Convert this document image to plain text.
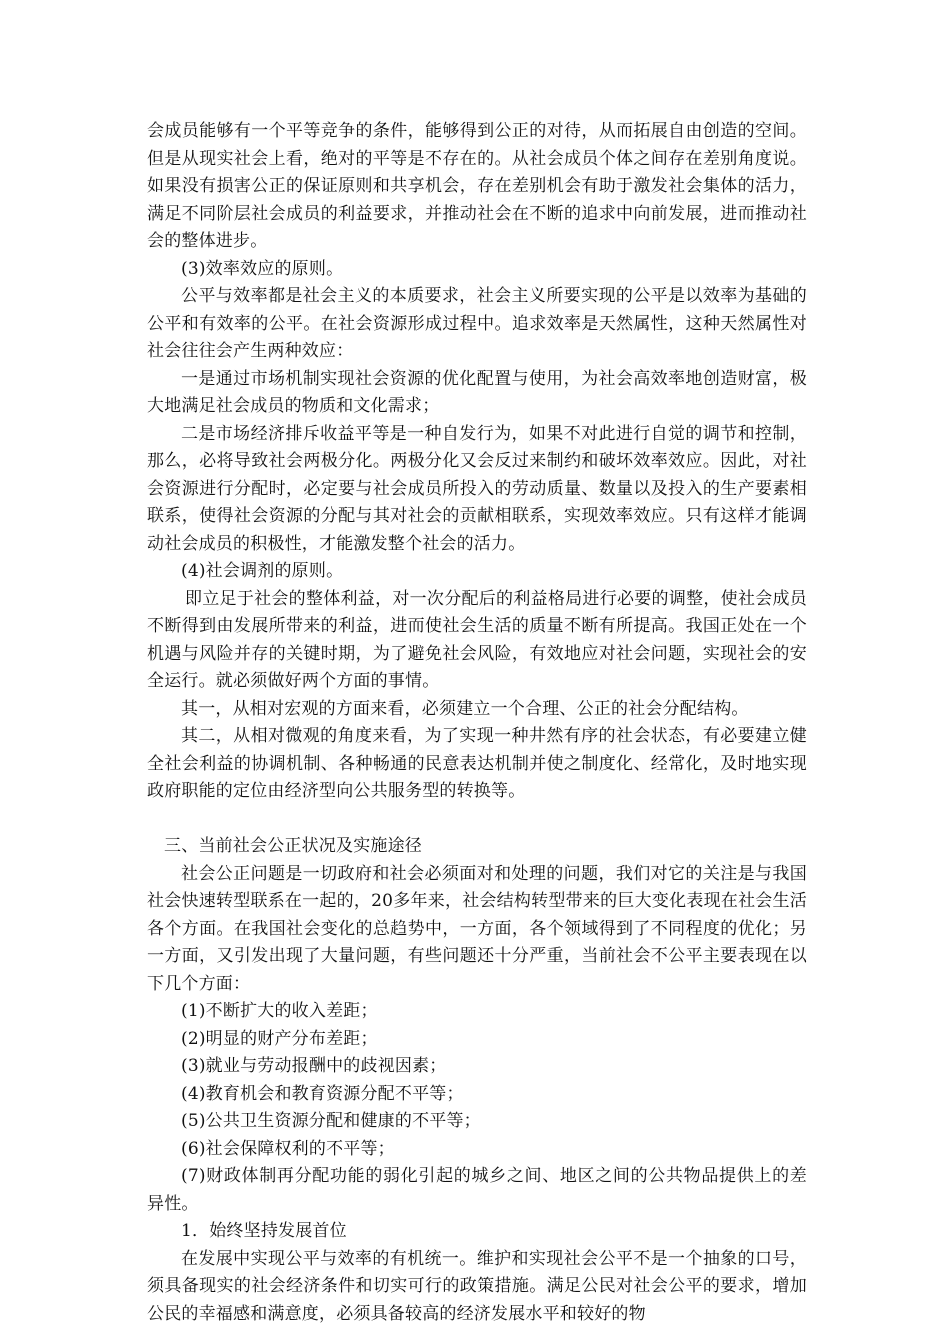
会成员能够有一个平等竞争的条件，能够得到公正的对待，从而拓展自由创造的空间。但是从现实社会上看，绝对的平等是不存在的。从社会成员个体之间存在差别角度说。如果没有损害公正的保证原则和共享机会，存在差别机会有助于激发社会集体的活力，满足不同阶层社会成员的利益要求，并推动社会在不断的追求中向前发展，进而推动社会的整体进步。

(3)效率效应的原则。

公平与效率都是社会主义的本质要求，社会主义所要实现的公平是以效率为基础的公平和有效率的公平。在社会资源形成过程中。追求效率是天然属性，这种天然属性对社会往往会产生两种效应：

一是通过市场机制实现社会资源的优化配置与使用，为社会高效率地创造财富，极大地满足社会成员的物质和文化需求；

二是市场经济排斥收益平等是一种自发行为，如果不对此进行自觉的调节和控制，那么，必将导致社会两极分化。两极分化又会反过来制约和破坏效率效应。因此，对社会资源进行分配时，必定要与社会成员所投入的劳动质量、数量以及投入的生产要素相联系，使得社会资源的分配与其对社会的贡献相联系，实现效率效应。只有这样才能调动社会成员的积极性，才能激发整个社会的活力。

(4)社会调剂的原则。

即立足于社会的整体利益，对一次分配后的利益格局进行必要的调整，使社会成员不断得到由发展所带来的利益，进而使社会生活的质量不断有所提高。我国正处在一个机遇与风险并存的关键时期，为了避免社会风险，有效地应对社会问题，实现社会的安全运行。就必须做好两个方面的事情。

其一，从相对宏观的方面来看，必须建立一个合理、公正的社会分配结构。

其二，从相对微观的角度来看，为了实现一种井然有序的社会状态，有必要建立健全社会利益的协调机制、各种畅通的民意表达机制并使之制度化、经常化，及时地实现政府职能的定位由经济型向公共服务型的转换等。

三、当前社会公正状况及实施途径

社会公正问题是一切政府和社会必须面对和处理的问题，我们对它的关注是与我国社会快速转型联系在一起的，20多年来，社会结构转型带来的巨大变化表现在社会生活各个方面。在我国社会变化的总趋势中，一方面，各个领域得到了不同程度的优化；另一方面，又引发出现了大量问题，有些问题还十分严重，当前社会不公平主要表现在以下几个方面：

(1)不断扩大的收入差距；

(2)明显的财产分布差距；

(3)就业与劳动报酬中的歧视因素；

(4)教育机会和教育资源分配不平等；

(5)公共卫生资源分配和健康的不平等；

(6)社会保障权利的不平等；

(7)财政体制再分配功能的弱化引起的城乡之间、地区之间的公共物品提供上的差异性。

1．始终坚持发展首位

在发展中实现公平与效率的有机统一。维护和实现社会公平不是一个抽象的口号，须具备现实的社会经济条件和切实可行的政策措施。满足公民对社会公平的要求，增加公民的幸福感和满意度，必须具备较高的经济发展水平和较好的物
